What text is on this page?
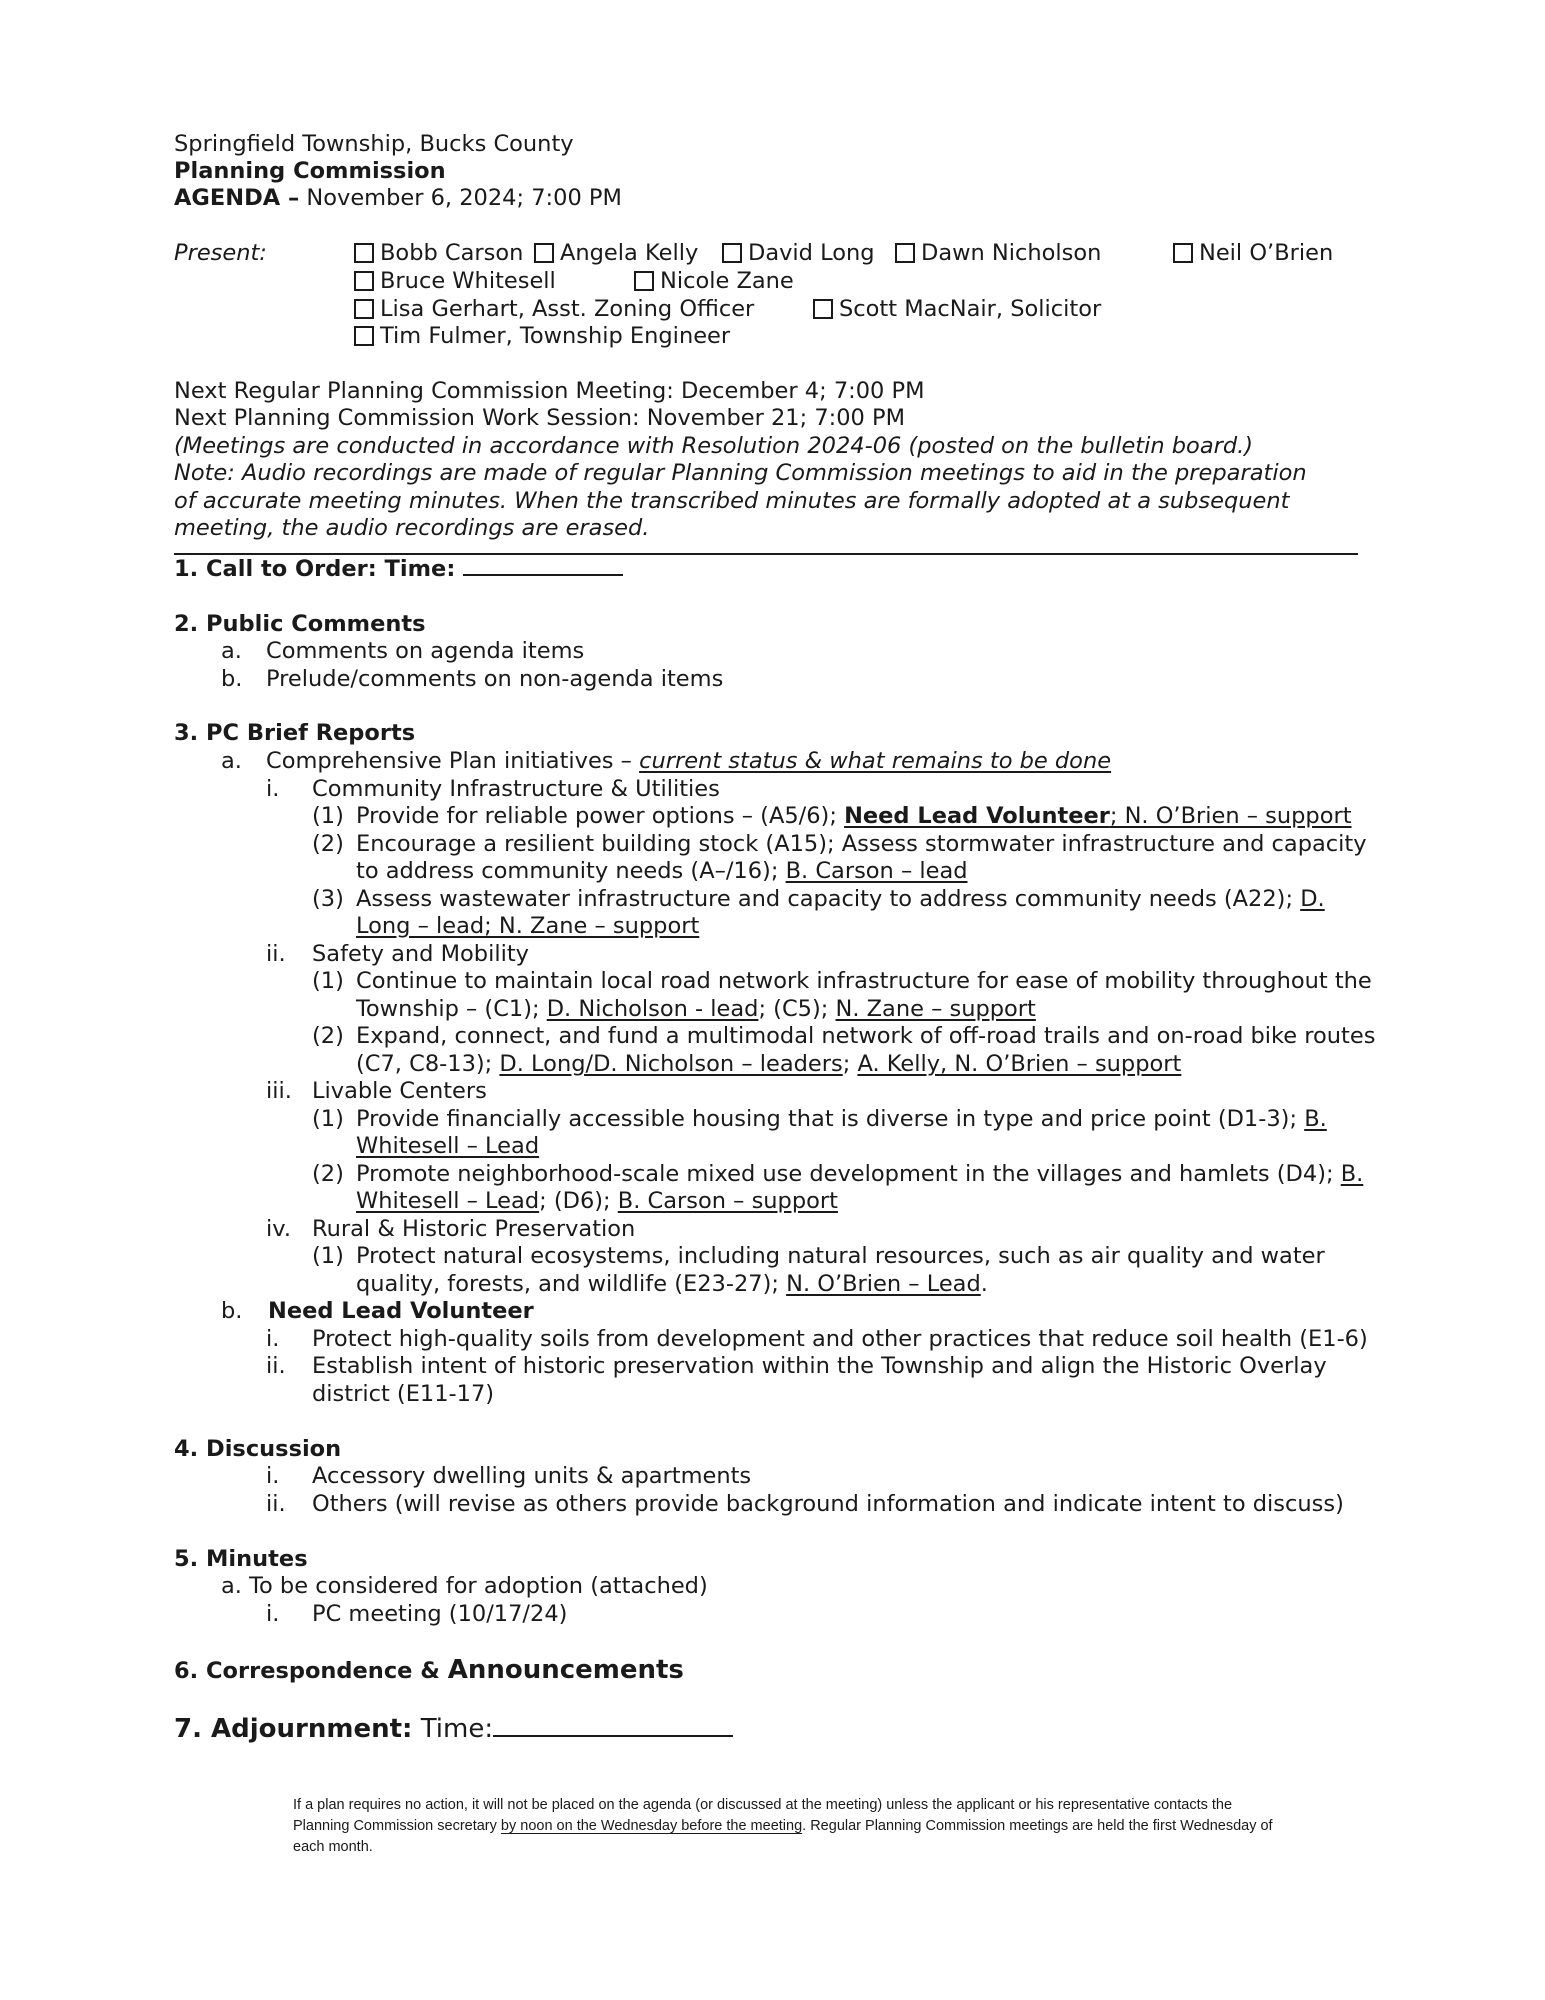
Springfield Township, Bucks County
Planning Commission
AGENDA – November 6, 2024; 7:00 PM
Present:	Bobb Carson	Angela Kelly	David Long	Dawn Nicholson	Neil O’Brien
Bruce Whitesell	Nicole Zane
Lisa Gerhart, Asst. Zoning Officer	Scott MacNair, Solicitor
Tim Fulmer, Township Engineer
Next Regular Planning Commission Meeting: December 4; 7:00 PM
Next Planning Commission Work Session: November 21; 7:00 PM
(Meetings are conducted in accordance with Resolution 2024-06 (posted on the bulletin board.)
Note: Audio recordings are made of regular Planning Commission meetings to aid in the preparation
of accurate meeting minutes. When the transcribed minutes are formally adopted at a subsequent
meeting, the audio recordings are erased.
1. Call to Order: Time:
2. Public Comments
a. Comments on agenda items
b. Prelude/comments on non-agenda items
3. PC Brief Reports
a. Comprehensive Plan initiatives – current status & what remains to be done
i. Community Infrastructure & Utilities
(1) Provide for reliable power options – (A5/6); Need Lead Volunteer; N. O’Brien – support
(2) Encourage a resilient building stock (A15); Assess stormwater infrastructure and capacity
to address community needs (A–/16); B. Carson – lead
(3) Assess wastewater infrastructure and capacity to address community needs (A22); D.
Long – lead; N. Zane – support
ii. Safety and Mobility
(1) Continue to maintain local road network infrastructure for ease of mobility throughout the
Township – (C1); D. Nicholson - lead; (C5); N. Zane – support
(2) Expand, connect, and fund a multimodal network of off-road trails and on-road bike routes
(C7, C8-13); D. Long/D. Nicholson – leaders; A. Kelly, N. O’Brien – support
iii. Livable Centers
(1) Provide financially accessible housing that is diverse in type and price point (D1-3); B.
Whitesell – Lead
(2) Promote neighborhood-scale mixed use development in the villages and hamlets (D4); B.
Whitesell – Lead; (D6); B. Carson – support
iv. Rural & Historic Preservation
(1) Protect natural ecosystems, including natural resources, such as air quality and water
quality, forests, and wildlife (E23-27); N. O’Brien – Lead.
b. Need Lead Volunteer
i. Protect high-quality soils from development and other practices that reduce soil health (E1-6)
ii. Establish intent of historic preservation within the Township and align the Historic Overlay
district (E11-17)
4. Discussion
i. Accessory dwelling units & apartments
ii. Others (will revise as others provide background information and indicate intent to discuss)
5. Minutes
a. To be considered for adoption (attached)
i. PC meeting (10/17/24)
6. Correspondence & Announcements
7. Adjournment: Time:
If a plan requires no action, it will not be placed on the agenda (or discussed at the meeting) unless the applicant or his representative contacts the
Planning Commission secretary by noon on the Wednesday before the meeting. Regular Planning Commission meetings are held the first Wednesday of
each month.
